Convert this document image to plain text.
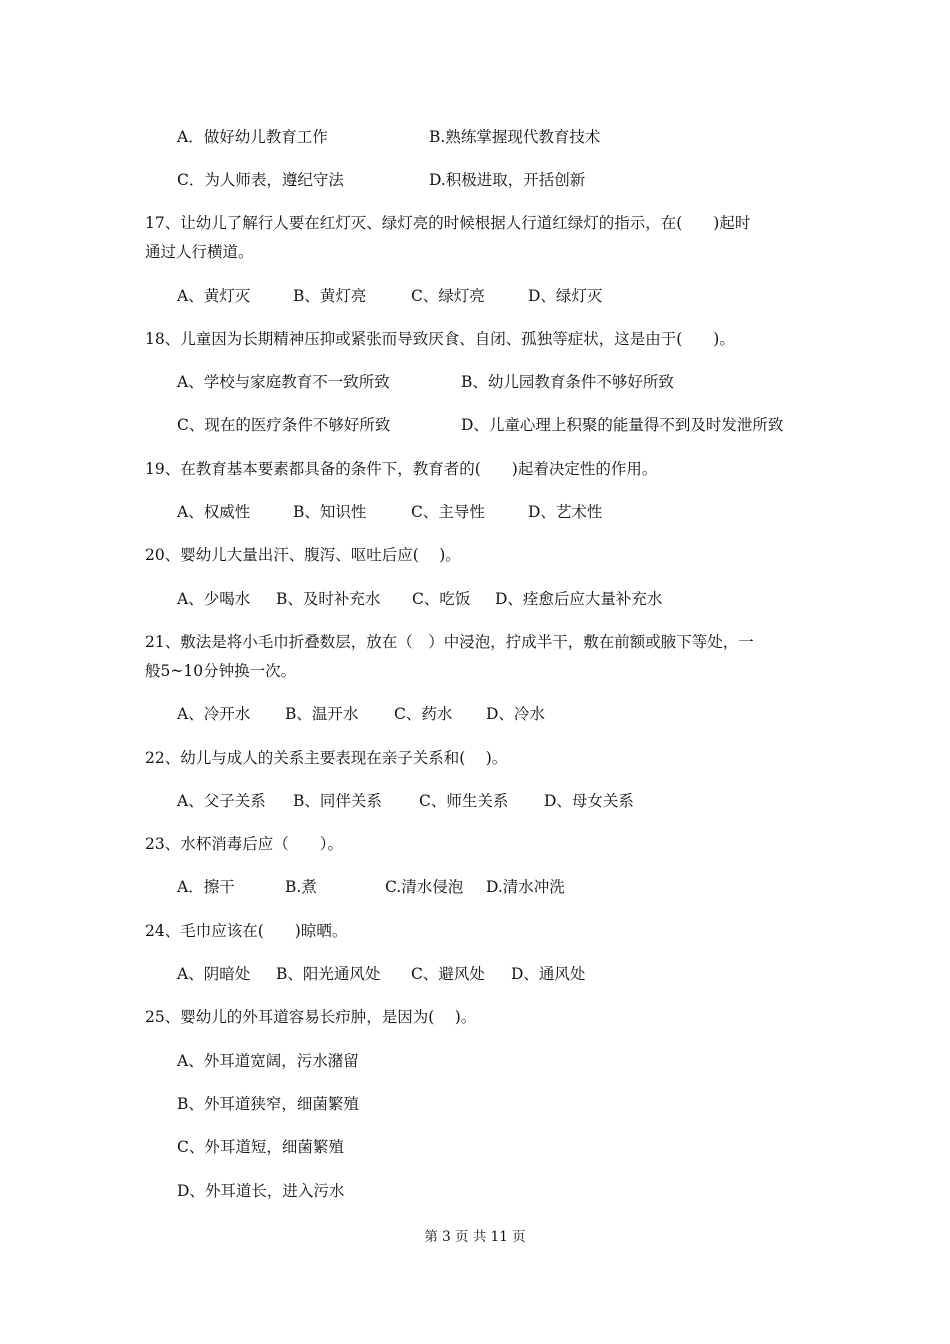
A．做好幼儿教育工作	B.熟练掌握现代教育技术
C．为人师表，遵纪守法	D.积极进取，开括创新
17、让幼儿了解行人要在红灯灭、绿灯亮的时候根据人行道红绿灯的指示，在(　　)起时
通过人行横道。
A、黄灯灭	B、黄灯亮	C、绿灯亮	D、绿灯灭
18、儿童因为长期精神压抑或紧张而导致厌食、自闭、孤独等症状，这是由于(　　)。
A、学校与家庭教育不一致所致	B、幼儿园教育条件不够好所致
C、现在的医疗条件不够好所致	D、儿童心理上积聚的能量得不到及时发泄所致
19、在教育基本要素都具备的条件下，教育者的(　　)起着决定性的作用。
A、权威性	B、知识性	C、主导性	D、艺术性
20、婴幼儿大量出汗、腹泻、呕吐后应(　 )。
A、少喝水 B、及时补充水 C、吃饭 D、痊愈后应大量补充水
21、敷法是将小毛巾折叠数层，放在（　）中浸泡，拧成半干，敷在前额或腋下等处，一
般5~10分钟换一次。
A、冷开水 B、温开水 C、药水 D、冷水
22、幼儿与成人的关系主要表现在亲子关系和(　 )。
A、父子关系 B、同伴关系 C、师生关系 D、母女关系
23、水杯消毒后应（　　）。
A．擦干	B.煮	C.清水侵泡 D.清水冲洗
24、毛巾应该在(　　)晾晒。
A、阴暗处 B、阳光通风处 C、避风处 D、通风处
25、婴幼儿的外耳道容易长疖肿，是因为(　 )。
A、外耳道宽阔，污水潴留
B、外耳道狭窄，细菌繁殖
C、外耳道短，细菌繁殖
D、外耳道长，进入污水
第 3 页 共 11 页
